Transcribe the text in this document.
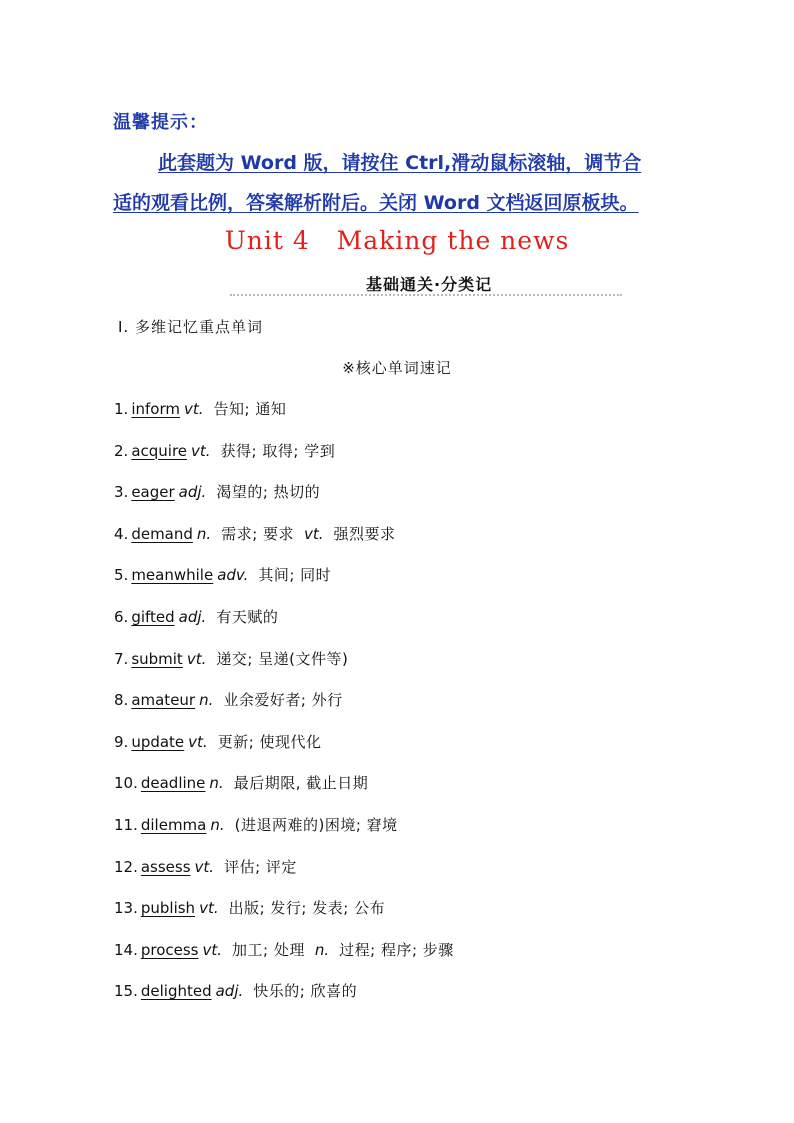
温馨提示：
此套题为 Word 版，请按住 Ctrl,滑动鼠标滚轴，调节合
适的观看比例，答案解析附后。关闭 Word 文档返回原板块。
Unit 4   Making the news
基础通关·分类记
Ⅰ. 多维记忆重点单词
※核心单词速记
1. inform vt. 告知; 通知
2. acquire vt. 获得; 取得; 学到
3. eager adj. 渴望的; 热切的
4. demand n. 需求; 要求 vt. 强烈要求
5. meanwhile adv. 其间; 同时
6. gifted adj. 有天赋的
7. submit vt. 递交; 呈递(文件等)
8. amateur n. 业余爱好者; 外行
9. update vt. 更新; 使现代化
10. deadline n. 最后期限, 截止日期
11. dilemma n. (进退两难的)困境; 窘境
12. assess vt. 评估; 评定
13. publish vt. 出版; 发行; 发表; 公布
14. process vt. 加工; 处理 n. 过程; 程序; 步骤
15. delighted adj. 快乐的; 欣喜的
